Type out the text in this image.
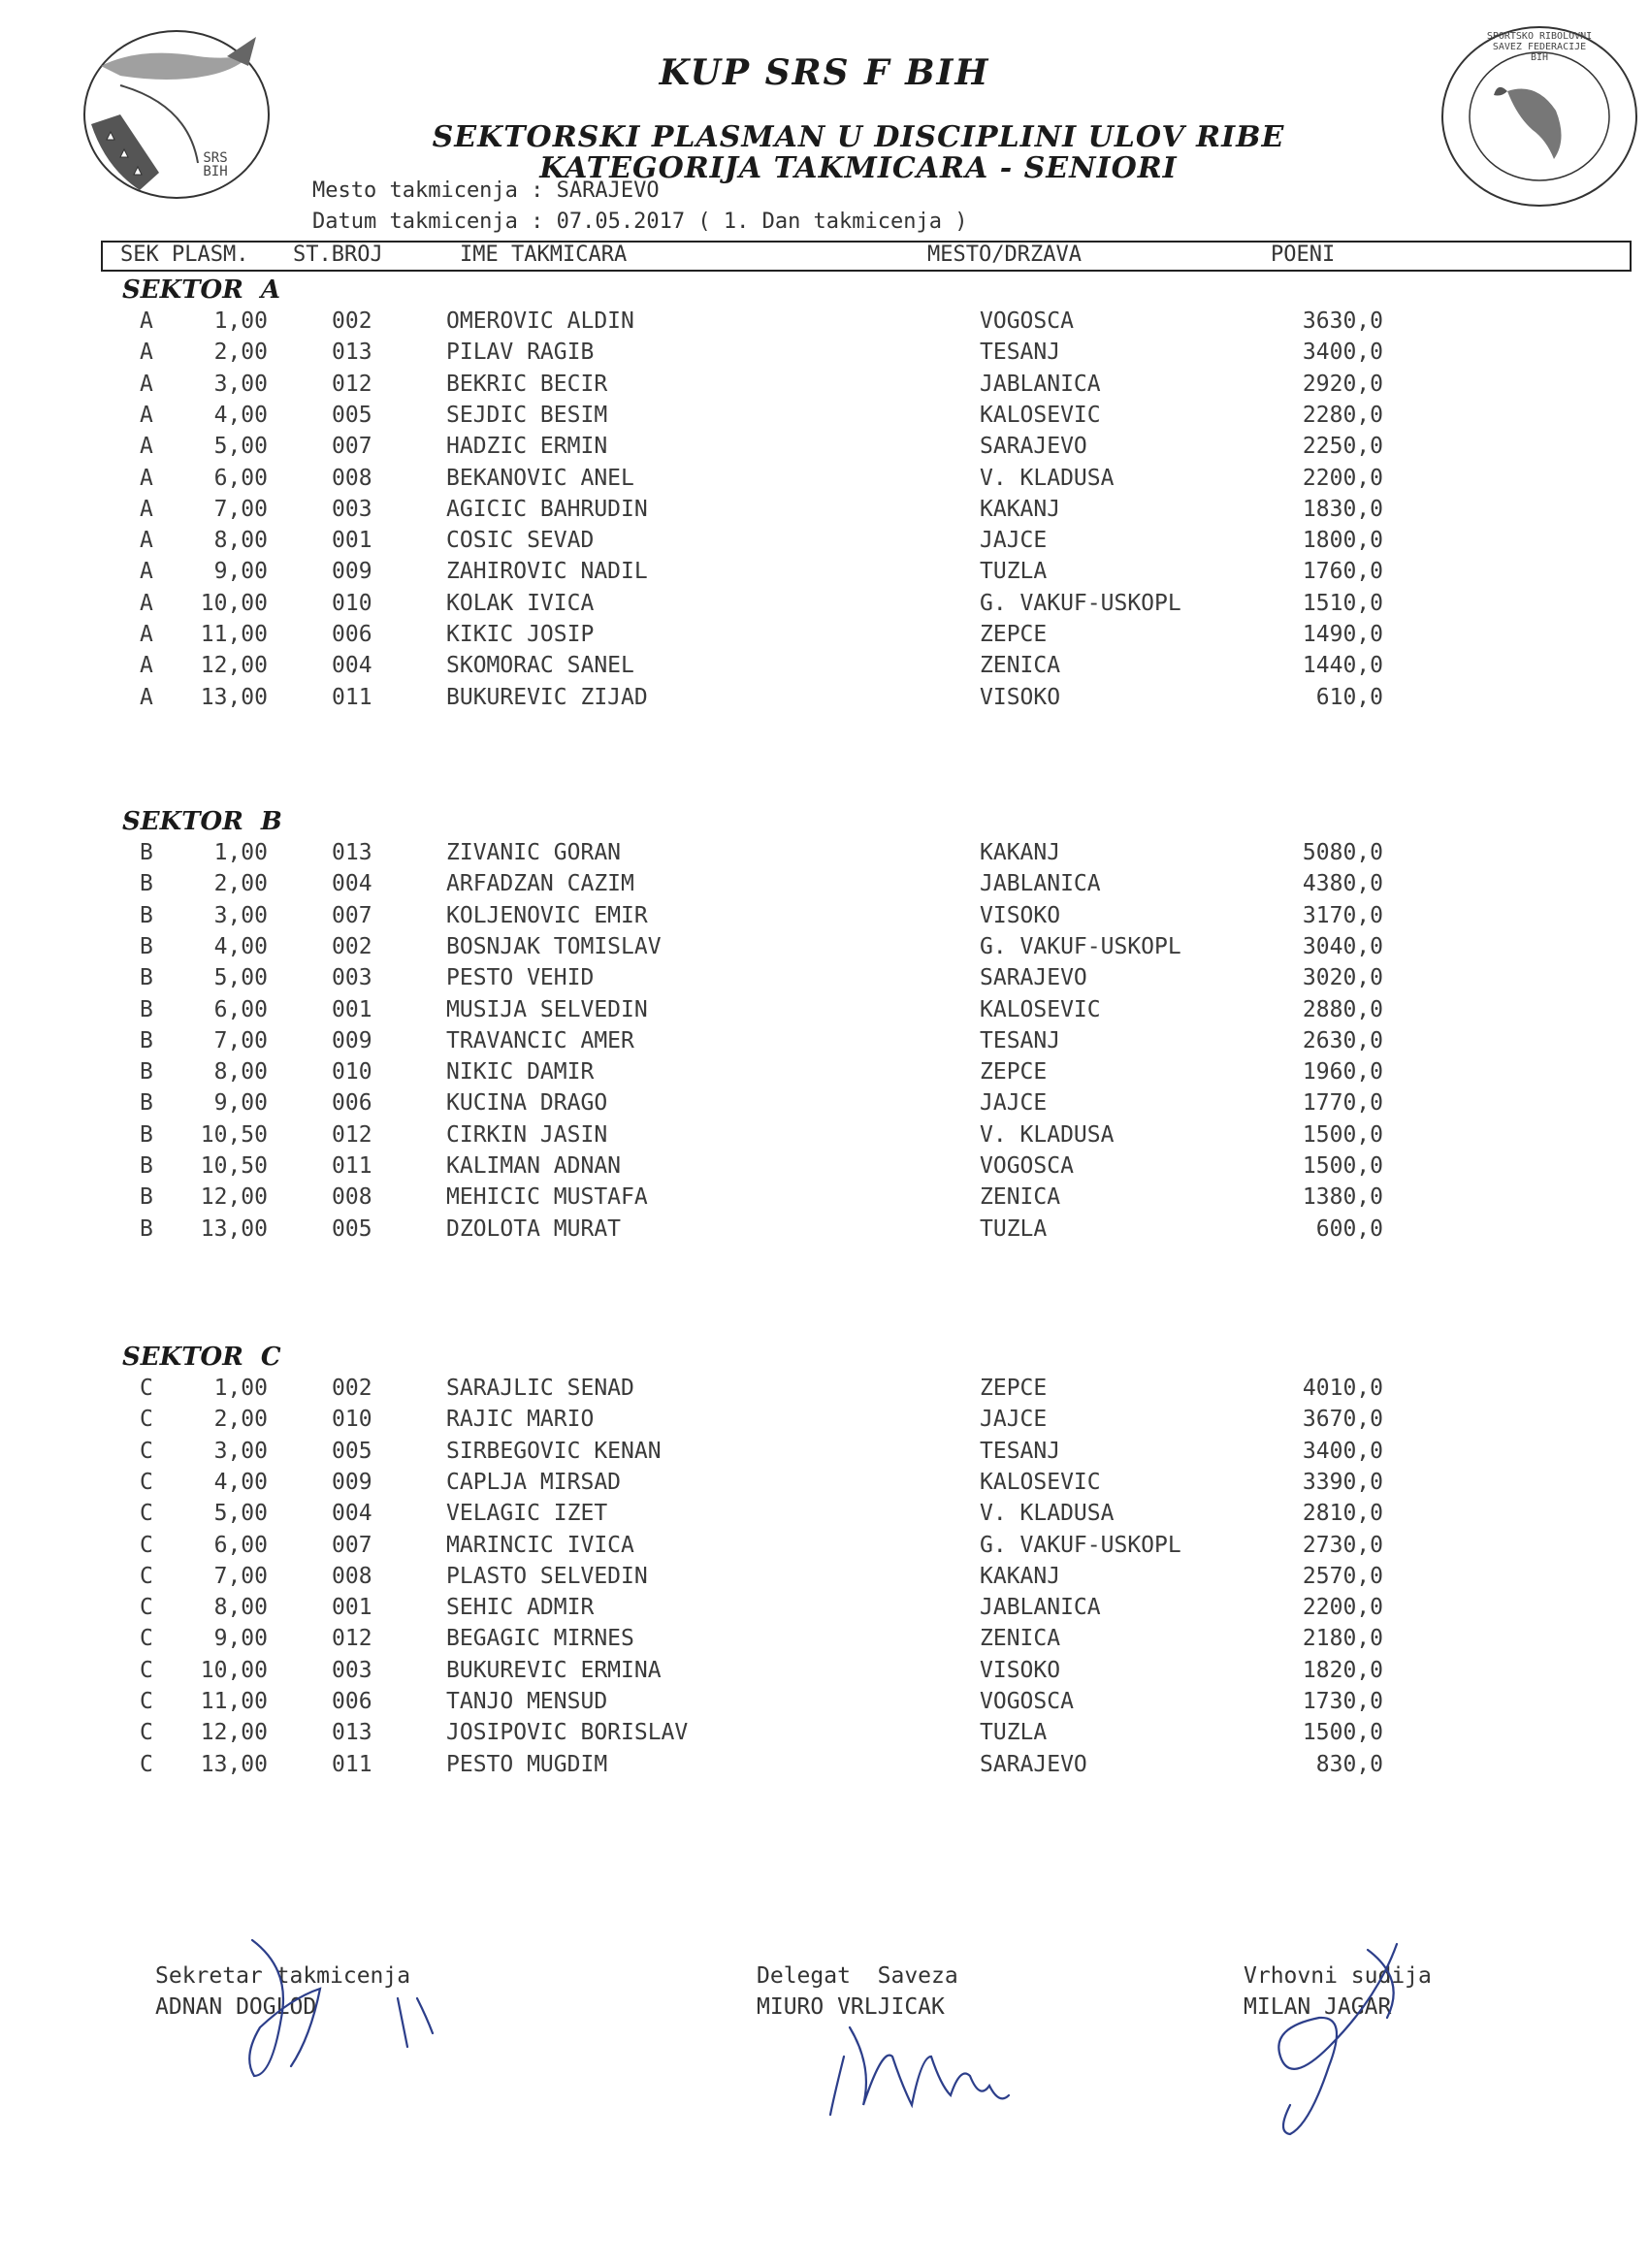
SRS BIH
SPORTSKO RIBOLOVNI SAVEZ FEDERACIJE BIH
KUP SRS F BIH
SEKTORSKI PLASMAN U DISCIPLINI ULOV RIBE
KATEGORIJA TAKMICARA - SENIORI
Mesto takmicenja : SARAJEVO
Datum takmicenja : 07.05.2017 ( 1. Dan takmicenja )
SEK PLASM. ST.BROJ	IME TAKMICARA	MESTO/DRZAVA	POENI
SEKTOR  A
A	1,00	002	OMEROVIC ALDIN	VOGOSCA	3630,0
A	2,00	013	PILAV RAGIB	TESANJ	3400,0
A	3,00	012	BEKRIC BECIR	JABLANICA	2920,0
A	4,00	005	SEJDIC BESIM	KALOSEVIC	2280,0
A	5,00	007	HADZIC ERMIN	SARAJEVO	2250,0
A	6,00	008	BEKANOVIC ANEL	V. KLADUSA	2200,0
A	7,00	003	AGICIC BAHRUDIN	KAKANJ	1830,0
A	8,00	001	COSIC SEVAD	JAJCE	1800,0
A	9,00	009	ZAHIROVIC NADIL	TUZLA	1760,0
A	10,00	010	KOLAK IVICA	G. VAKUF-USKOPL	1510,0
A	11,00	006	KIKIC JOSIP	ZEPCE	1490,0
A	12,00	004	SKOMORAC SANEL	ZENICA	1440,0
A	13,00	011	BUKUREVIC ZIJAD	VISOKO	610,0
SEKTOR  B
B	1,00	013	ZIVANIC GORAN	KAKANJ	5080,0
B	2,00	004	ARFADZAN CAZIM	JABLANICA	4380,0
B	3,00	007	KOLJENOVIC EMIR	VISOKO	3170,0
B	4,00	002	BOSNJAK TOMISLAV	G. VAKUF-USKOPL	3040,0
B	5,00	003	PESTO VEHID	SARAJEVO	3020,0
B	6,00	001	MUSIJA SELVEDIN	KALOSEVIC	2880,0
B	7,00	009	TRAVANCIC AMER	TESANJ	2630,0
B	8,00	010	NIKIC DAMIR	ZEPCE	1960,0
B	9,00	006	KUCINA DRAGO	JAJCE	1770,0
B	10,50	012	CIRKIN JASIN	V. KLADUSA	1500,0
B	10,50	011	KALIMAN ADNAN	VOGOSCA	1500,0
B	12,00	008	MEHICIC MUSTAFA	ZENICA	1380,0
B	13,00	005	DZOLOTA MURAT	TUZLA	600,0
SEKTOR  C
C	1,00	002	SARAJLIC SENAD	ZEPCE	4010,0
C	2,00	010	RAJIC MARIO	JAJCE	3670,0
C	3,00	005	SIRBEGOVIC KENAN	TESANJ	3400,0
C	4,00	009	CAPLJA MIRSAD	KALOSEVIC	3390,0
C	5,00	004	VELAGIC IZET	V. KLADUSA	2810,0
C	6,00	007	MARINCIC IVICA	G. VAKUF-USKOPL	2730,0
C	7,00	008	PLASTO SELVEDIN	KAKANJ	2570,0
C	8,00	001	SEHIC ADMIR	JABLANICA	2200,0
C	9,00	012	BEGAGIC MIRNES	ZENICA	2180,0
C	10,00	003	BUKUREVIC ERMINA	VISOKO	1820,0
C	11,00	006	TANJO MENSUD	VOGOSCA	1730,0
C	12,00	013	JOSIPOVIC BORISLAV	TUZLA	1500,0
C	13,00	011	PESTO MUGDIM	SARAJEVO	830,0
Sekretar takmicenja
ADNAN DOGLOD
Delegat  Saveza
MIURO VRLJICAK
Vrhovni sudija
MILAN JAGAR
